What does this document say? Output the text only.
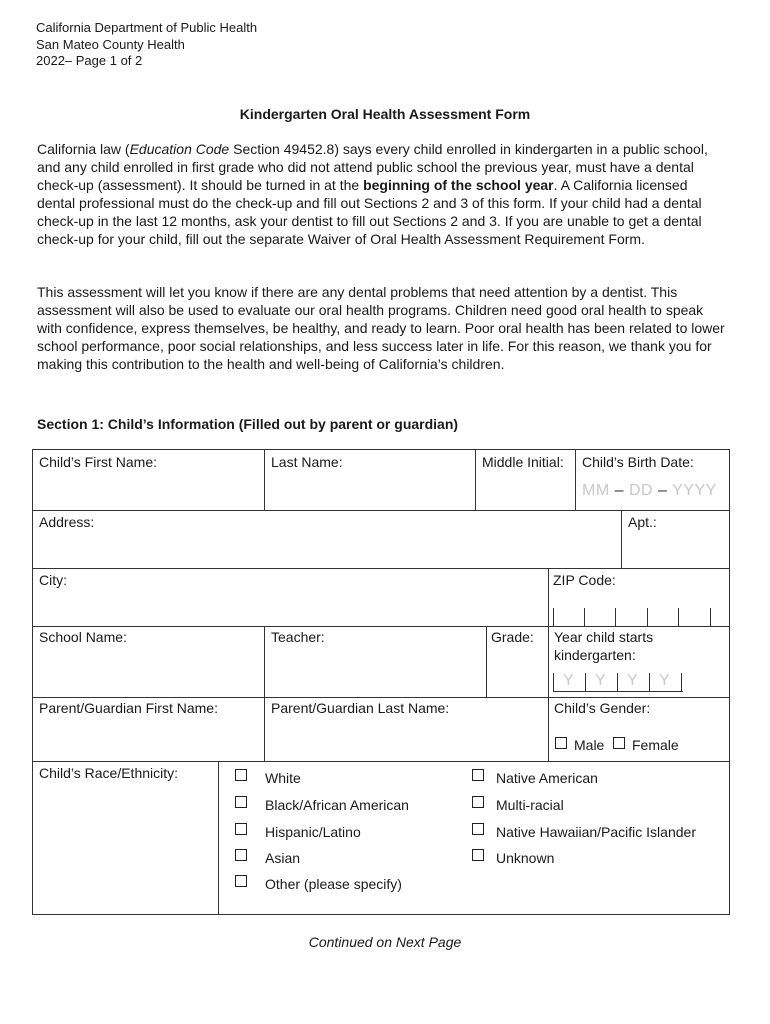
California Department of Public Health
San Mateo County Health
2022– Page 1 of 2
Kindergarten Oral Health Assessment Form
California law (Education Code Section 49452.8) says every child enrolled in kindergarten in a public school, and any child enrolled in first grade who did not attend public school the previous year, must have a dental check-up (assessment). It should be turned in at the beginning of the school year. A California licensed dental professional must do the check-up and fill out Sections 2 and 3 of this form. If your child had a dental check-up in the last 12 months, ask your dentist to fill out Sections 2 and 3. If you are unable to get a dental check-up for your child, fill out the separate Waiver of Oral Health Assessment Requirement Form.
This assessment will let you know if there are any dental problems that need attention by a dentist. This assessment will also be used to evaluate our oral health programs. Children need good oral health to speak with confidence, express themselves, be healthy, and ready to learn. Poor oral health has been related to lower school performance, poor social relationships, and less success later in life. For this reason, we thank you for making this contribution to the health and well-being of California’s children.
Section 1: Child’s Information (Filled out by parent or guardian)
Child’s First Name:	Last Name:	Middle Initial: Child’s Birth Date:
MM – DD – YYYY
Address:	Apt.:
City:	ZIP Code:
School Name:	Teacher:	Grade: Year child starts
kindergarten:
Y Y Y Y
Parent/Guardian First Name:	Parent/Guardian Last Name:	Child’s Gender:
Male Female
Child’s Race/Ethnicity:	White
Black/African American
Hispanic/Latino
Asian
Other (please specify)
Native American
Multi-racial
Native Hawaiian/Pacific Islander
Unknown
Continued on Next Page
